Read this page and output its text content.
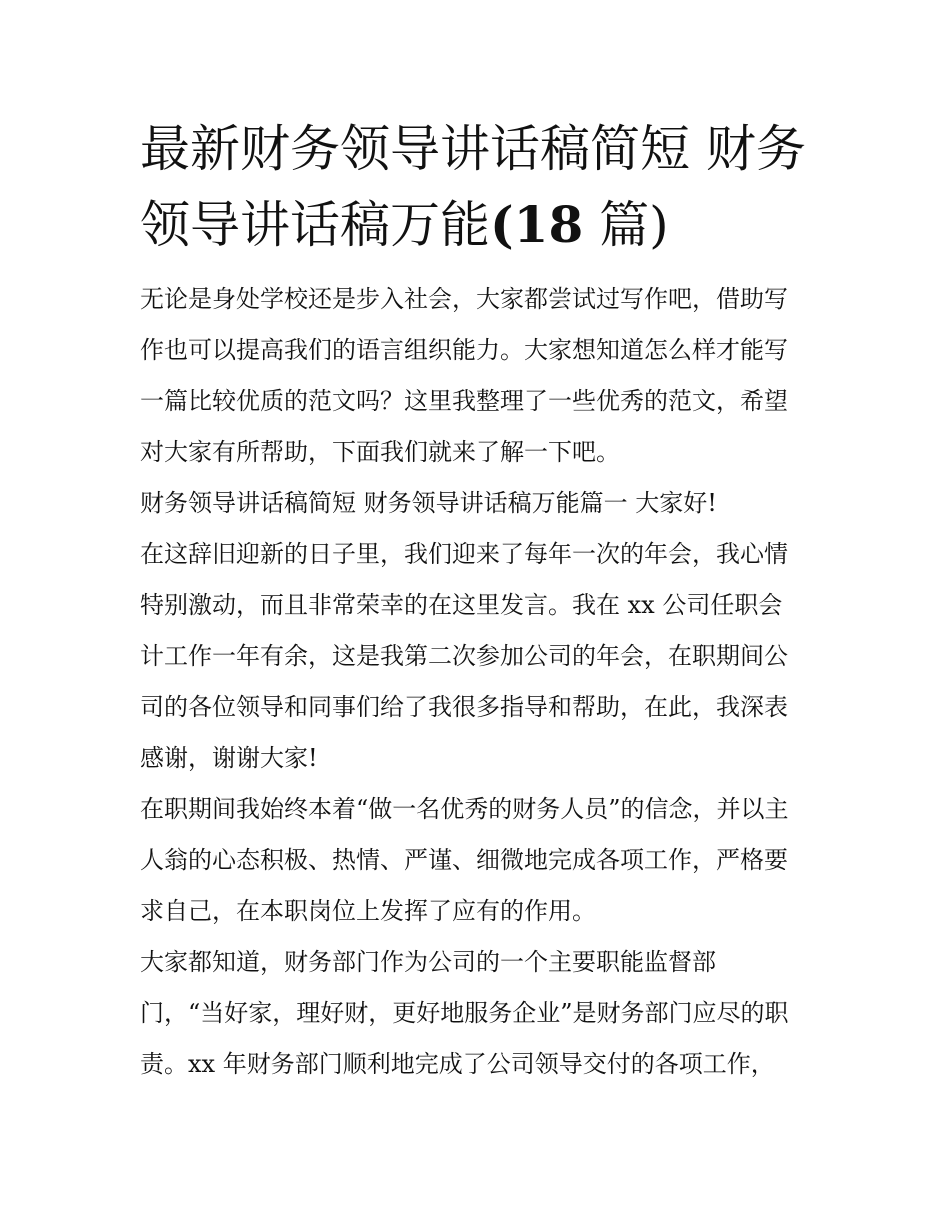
最新财务领导讲话稿简短 财务
领导讲话稿万能(18 篇)
无论是身处学校还是步入社会，大家都尝试过写作吧，借助写
作也可以提高我们的语言组织能力。大家想知道怎么样才能写
一篇比较优质的范文吗？这里我整理了一些优秀的范文，希望
对大家有所帮助，下面我们就来了解一下吧。
财务领导讲话稿简短 财务领导讲话稿万能篇一 大家好!
在这辞旧迎新的日子里，我们迎来了每年一次的年会，我心情
特别激动，而且非常荣幸的在这里发言。我在 xx 公司任职会
计工作一年有余，这是我第二次参加公司的年会，在职期间公
司的各位领导和同事们给了我很多指导和帮助，在此，我深表
感谢，谢谢大家!
在职期间我始终本着“做一名优秀的财务人员”的信念，并以主
人翁的心态积极、热情、严谨、细微地完成各项工作，严格要
求自己，在本职岗位上发挥了应有的作用。
大家都知道，财务部门作为公司的一个主要职能监督部
门，“当好家，理好财，更好地服务企业”是财务部门应尽的职
责。xx 年财务部门顺利地完成了公司领导交付的各项工作，
